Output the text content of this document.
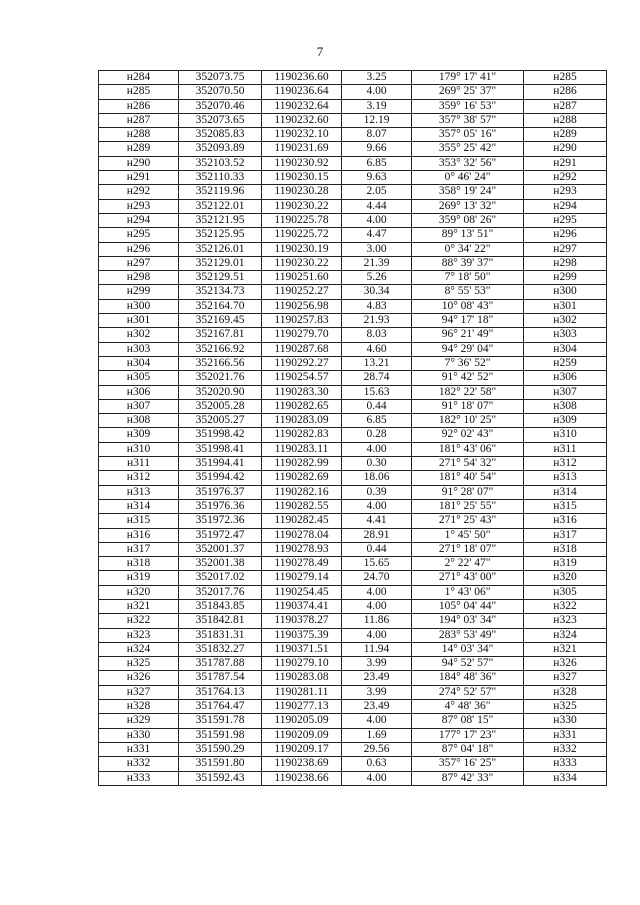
7
н284	352073.75	1190236.60	3.25	179° 17' 41"	н285
н285	352070.50	1190236.64	4.00	269° 25' 37"	н286
н286	352070.46	1190232.64	3.19	359° 16' 53"	н287
н287	352073.65	1190232.60	12.19	357° 38' 57"	н288
н288	352085.83	1190232.10	8.07	357° 05' 16"	н289
н289	352093.89	1190231.69	9.66	355° 25' 42"	н290
н290	352103.52	1190230.92	6.85	353° 32' 56"	н291
н291	352110.33	1190230.15	9.63	0° 46' 24"	н292
н292	352119.96	1190230.28	2.05	358° 19' 24"	н293
н293	352122.01	1190230.22	4.44	269° 13' 32"	н294
н294	352121.95	1190225.78	4.00	359° 08' 26"	н295
н295	352125.95	1190225.72	4.47	89° 13' 51"	н296
н296	352126.01	1190230.19	3.00	0° 34' 22"	н297
н297	352129.01	1190230.22	21.39	88° 39' 37"	н298
н298	352129.51	1190251.60	5.26	7° 18' 50"	н299
н299	352134.73	1190252.27	30.34	8° 55' 53"	н300
н300	352164.70	1190256.98	4.83	10° 08' 43"	н301
н301	352169.45	1190257.83	21.93	94° 17' 18"	н302
н302	352167.81	1190279.70	8.03	96° 21' 49"	н303
н303	352166.92	1190287.68	4.60	94° 29' 04"	н304
н304	352166.56	1190292.27	13.21	7° 36' 52"	н259
н305	352021.76	1190254.57	28.74	91° 42' 52"	н306
н306	352020.90	1190283.30	15.63	182° 22' 58"	н307
н307	352005.28	1190282.65	0.44	91° 18' 07"	н308
н308	352005.27	1190283.09	6.85	182° 10' 25"	н309
н309	351998.42	1190282.83	0.28	92° 02' 43"	н310
н310	351998.41	1190283.11	4.00	181° 43' 06"	н311
н311	351994.41	1190282.99	0.30	271° 54' 32"	н312
н312	351994.42	1190282.69	18.06	181° 40' 54"	н313
н313	351976.37	1190282.16	0.39	91° 28' 07"	н314
н314	351976.36	1190282.55	4.00	181° 25' 55"	н315
н315	351972.36	1190282.45	4.41	271° 25' 43"	н316
н316	351972.47	1190278.04	28.91	1° 45' 50"	н317
н317	352001.37	1190278.93	0.44	271° 18' 07"	н318
н318	352001.38	1190278.49	15.65	2° 22' 47"	н319
н319	352017.02	1190279.14	24.70	271° 43' 00"	н320
н320	352017.76	1190254.45	4.00	1° 43' 06"	н305
н321	351843.85	1190374.41	4.00	105° 04' 44"	н322
н322	351842.81	1190378.27	11.86	194° 03' 34"	н323
н323	351831.31	1190375.39	4.00	283° 53' 49"	н324
н324	351832.27	1190371.51	11.94	14° 03' 34"	н321
н325	351787.88	1190279.10	3.99	94° 52' 57"	н326
н326	351787.54	1190283.08	23.49	184° 48' 36"	н327
н327	351764.13	1190281.11	3.99	274° 52' 57"	н328
н328	351764.47	1190277.13	23.49	4° 48' 36"	н325
н329	351591.78	1190205.09	4.00	87° 08' 15"	н330
н330	351591.98	1190209.09	1.69	177° 17' 23"	н331
н331	351590.29	1190209.17	29.56	87° 04' 18"	н332
н332	351591.80	1190238.69	0.63	357° 16' 25"	н333
н333	351592.43	1190238.66	4.00	87° 42' 33"	н334
